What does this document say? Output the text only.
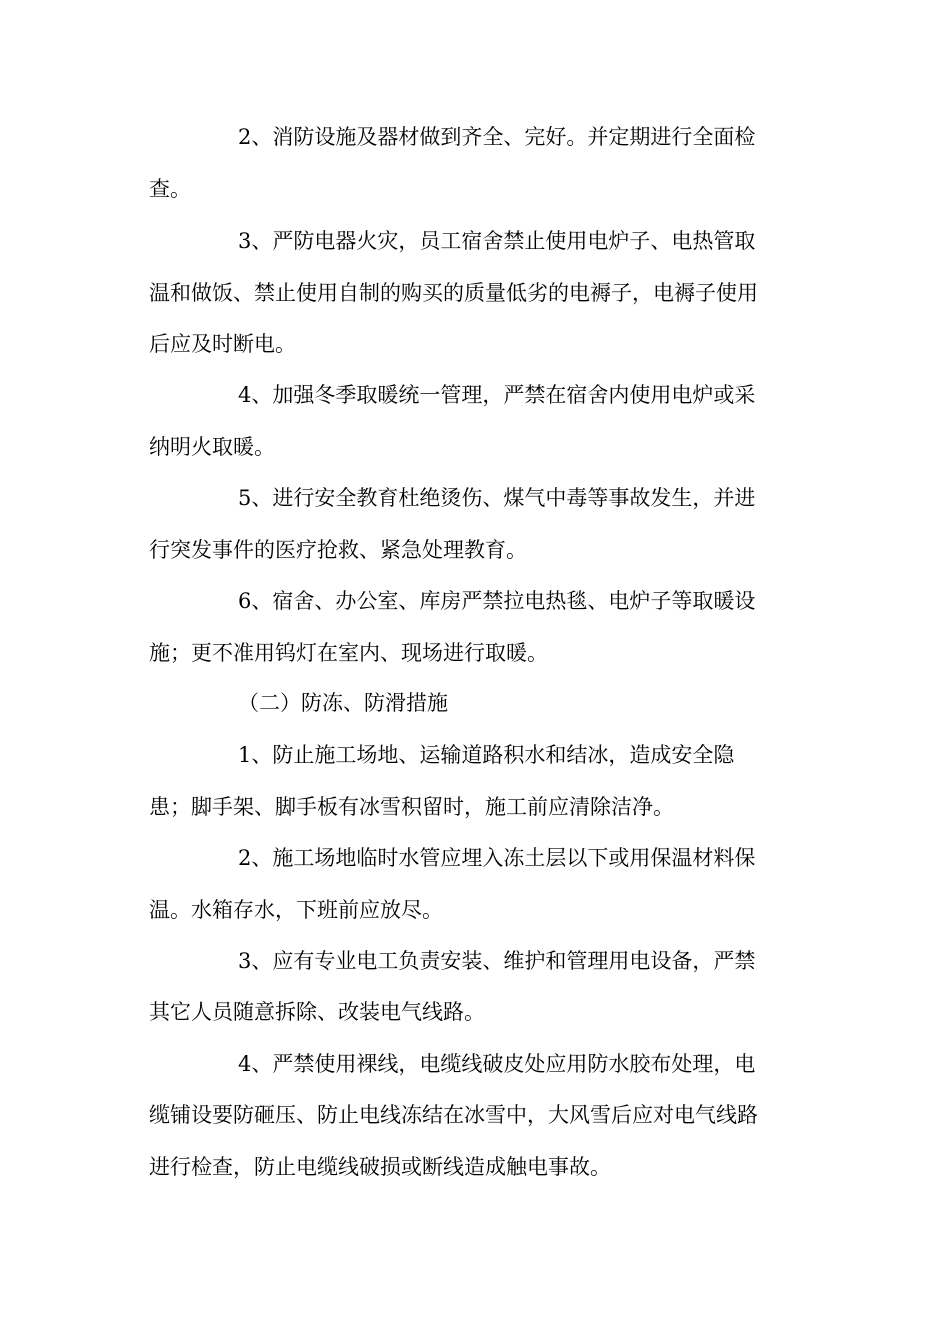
2、消防设施及器材做到齐全、完好。并定期进行全面检
查。
3、严防电器火灾，员工宿舍禁止使用电炉子、电热管取
温和做饭、禁止使用自制的购买的质量低劣的电褥子，电褥子使用
后应及时断电。
4、加强冬季取暖统一管理，严禁在宿舍内使用电炉或采
纳明火取暖。
5、进行安全教育杜绝烫伤、煤气中毒等事故发生，并进
行突发事件的医疗抢救、紧急处理教育。
6、宿舍、办公室、库房严禁拉电热毯、电炉子等取暖设
施；更不准用钨灯在室内、现场进行取暖。
（二）防冻、防滑措施
1、防止施工场地、运输道路积水和结冰，造成安全隐
患；脚手架、脚手板有冰雪积留时，施工前应清除洁净。
2、施工场地临时水管应埋入冻土层以下或用保温材料保
温。水箱存水，下班前应放尽。
3、应有专业电工负责安装、维护和管理用电设备，严禁
其它人员随意拆除、改装电气线路。
4、严禁使用裸线，电缆线破皮处应用防水胶布处理，电
缆铺设要防砸压、防止电线冻结在冰雪中，大风雪后应对电气线路
进行检查，防止电缆线破损或断线造成触电事故。
